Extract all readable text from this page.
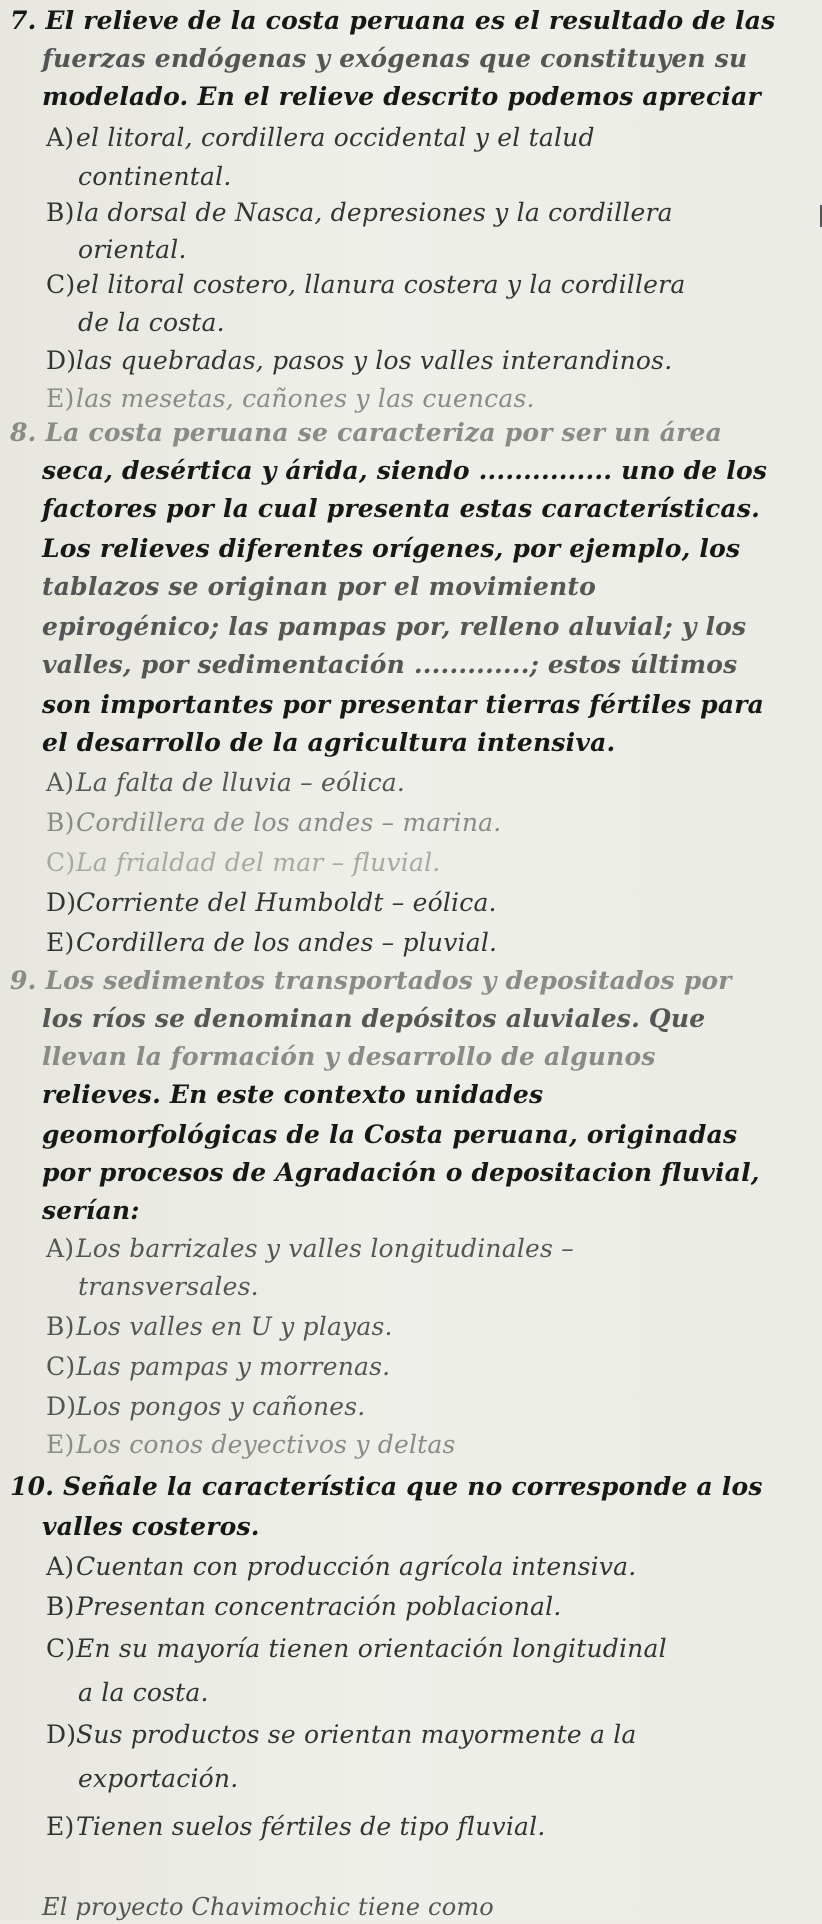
7. El relieve de la costa peruana es el resultado de las
fuerzas endógenas y exógenas que constituyen su
modelado. En el relieve descrito podemos apreciar
A)el litoral, cordillera occidental y el talud
continental.
B)la dorsal de Nasca, depresiones y la cordillera
oriental.
C)el litoral costero, llanura costera y la cordillera
de la costa.
D)las quebradas, pasos y los valles interandinos.
E)las mesetas, cañones y las cuencas.
8. La costa peruana se caracteriza por ser un área
seca, desértica y árida, siendo ............... uno de los
factores por la cual presenta estas características.
Los relieves diferentes orígenes, por ejemplo, los
tablazos se originan por el movimiento
epirogénico; las pampas por, relleno aluvial; y los
valles, por sedimentación .............; estos últimos
son importantes por presentar tierras fértiles para
el desarrollo de la agricultura intensiva.
A)La falta de lluvia – eólica.
B)Cordillera de los andes – marina.
C)La frialdad del mar – fluvial.
D)Corriente del Humboldt – eólica.
E)Cordillera de los andes – pluvial.
9. Los sedimentos transportados y depositados por
los ríos se denominan depósitos aluviales. Que
llevan la formación y desarrollo de algunos
relieves. En este contexto unidades
geomorfológicas de la Costa peruana, originadas
por procesos de Agradación o depositacion fluvial,
serían:
A)Los barrizales y valles longitudinales –
transversales.
B)Los valles en U y playas.
C)Las pampas y morrenas.
D)Los pongos y cañones.
E)Los conos deyectivos y deltas
10. Señale la característica que no corresponde a los
valles costeros.
A)Cuentan con producción agrícola intensiva.
B)Presentan concentración poblacional.
C)En su mayoría tienen orientación longitudinal
a la costa.
D)Sus productos se orientan mayormente a la
exportación.
E)Tienen suelos fértiles de tipo fluvial.
El proyecto Chavimochic tiene como
